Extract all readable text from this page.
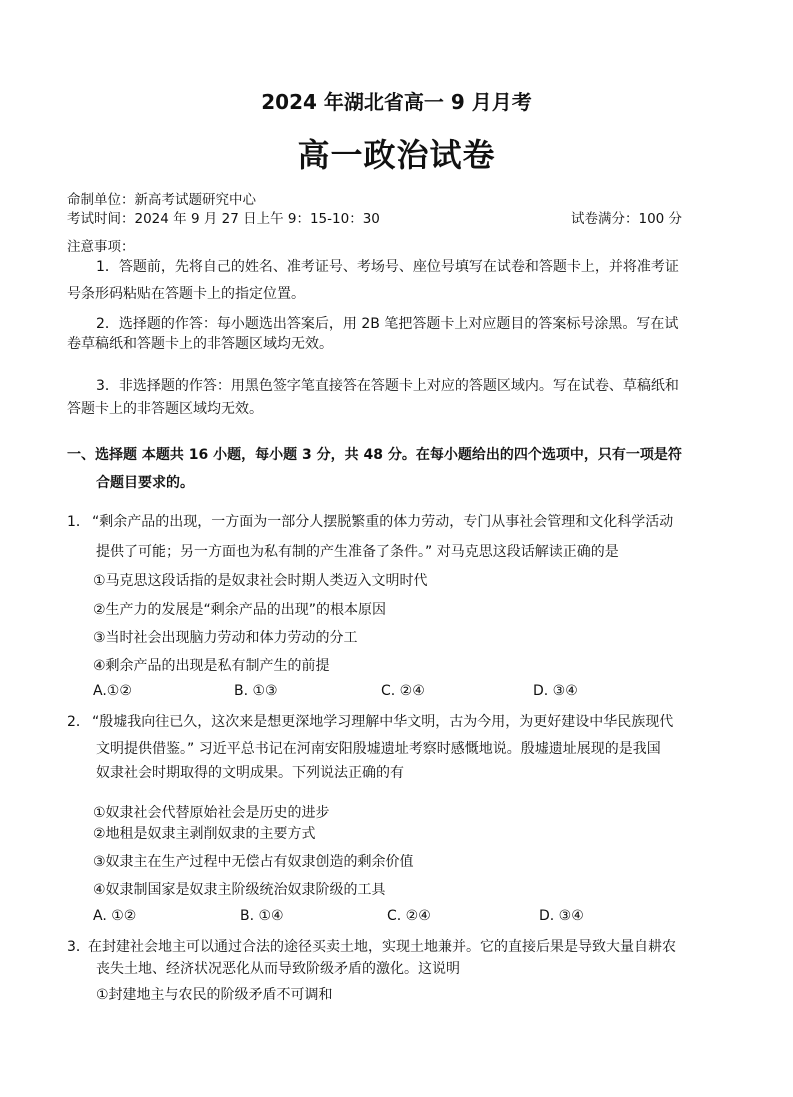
2024 年湖北省高一 9 月月考
高一政治试卷
命制单位：新高考试题研究中心
考试时间：2024 年 9 月 27 日上午 9：15-10：30	试卷满分：100 分
注意事项：
1．答题前，先将自己的姓名、准考证号、考场号、座位号填写在试卷和答题卡上，并将准考证
号条形码粘贴在答题卡上的指定位置。
2．选择题的作答：每小题选出答案后，用 2B 笔把答题卡上对应题目的答案标号涂黑。写在试
卷草稿纸和答题卡上的非答题区域均无效。
3．非选择题的作答：用黑色签字笔直接答在答题卡上对应的答题区域内。写在试卷、草稿纸和
答题卡上的非答题区域均无效。
一、选择题 本题共 16 小题，每小题 3 分，共 48 分。在每小题给出的四个选项中，只有一项是符
合题目要求的。
1． “剩余产品的出现，一方面为一部分人摆脱繁重的体力劳动，专门从事社会管理和文化科学活动
提供了可能；另一方面也为私有制的产生准备了条件。” 对马克思这段话解读正确的是
①马克思这段话指的是奴隶社会时期人类迈入文明时代
②生产力的发展是“剩余产品的出现”的根本原因
③当时社会出现脑力劳动和体力劳动的分工
④剩余产品的出现是私有制产生的前提
A.①②	B. ①③	C. ②④	D. ③④
2． “殷墟我向往已久，这次来是想更深地学习理解中华文明，古为今用，为更好建设中华民族现代
文明提供借鉴。” 习近平总书记在河南安阳殷墟遗址考察时感慨地说。殷墟遗址展现的是我国
奴隶社会时期取得的文明成果。下列说法正确的有
①奴隶社会代替原始社会是历史的进步
②地租是奴隶主剥削奴隶的主要方式
③奴隶主在生产过程中无偿占有奴隶创造的剩余价值
④奴隶制国家是奴隶主阶级统治奴隶阶级的工具
A. ①②	B. ①④	C. ②④	D. ③④
3．
在封建社会地主可以通过合法的途径买卖土地，实现土地兼并。它的直接后果是导致大量自耕农
丧失土地、经济状况恶化从而导致阶级矛盾的激化。这说明
①封建地主与农民的阶级矛盾不可调和
